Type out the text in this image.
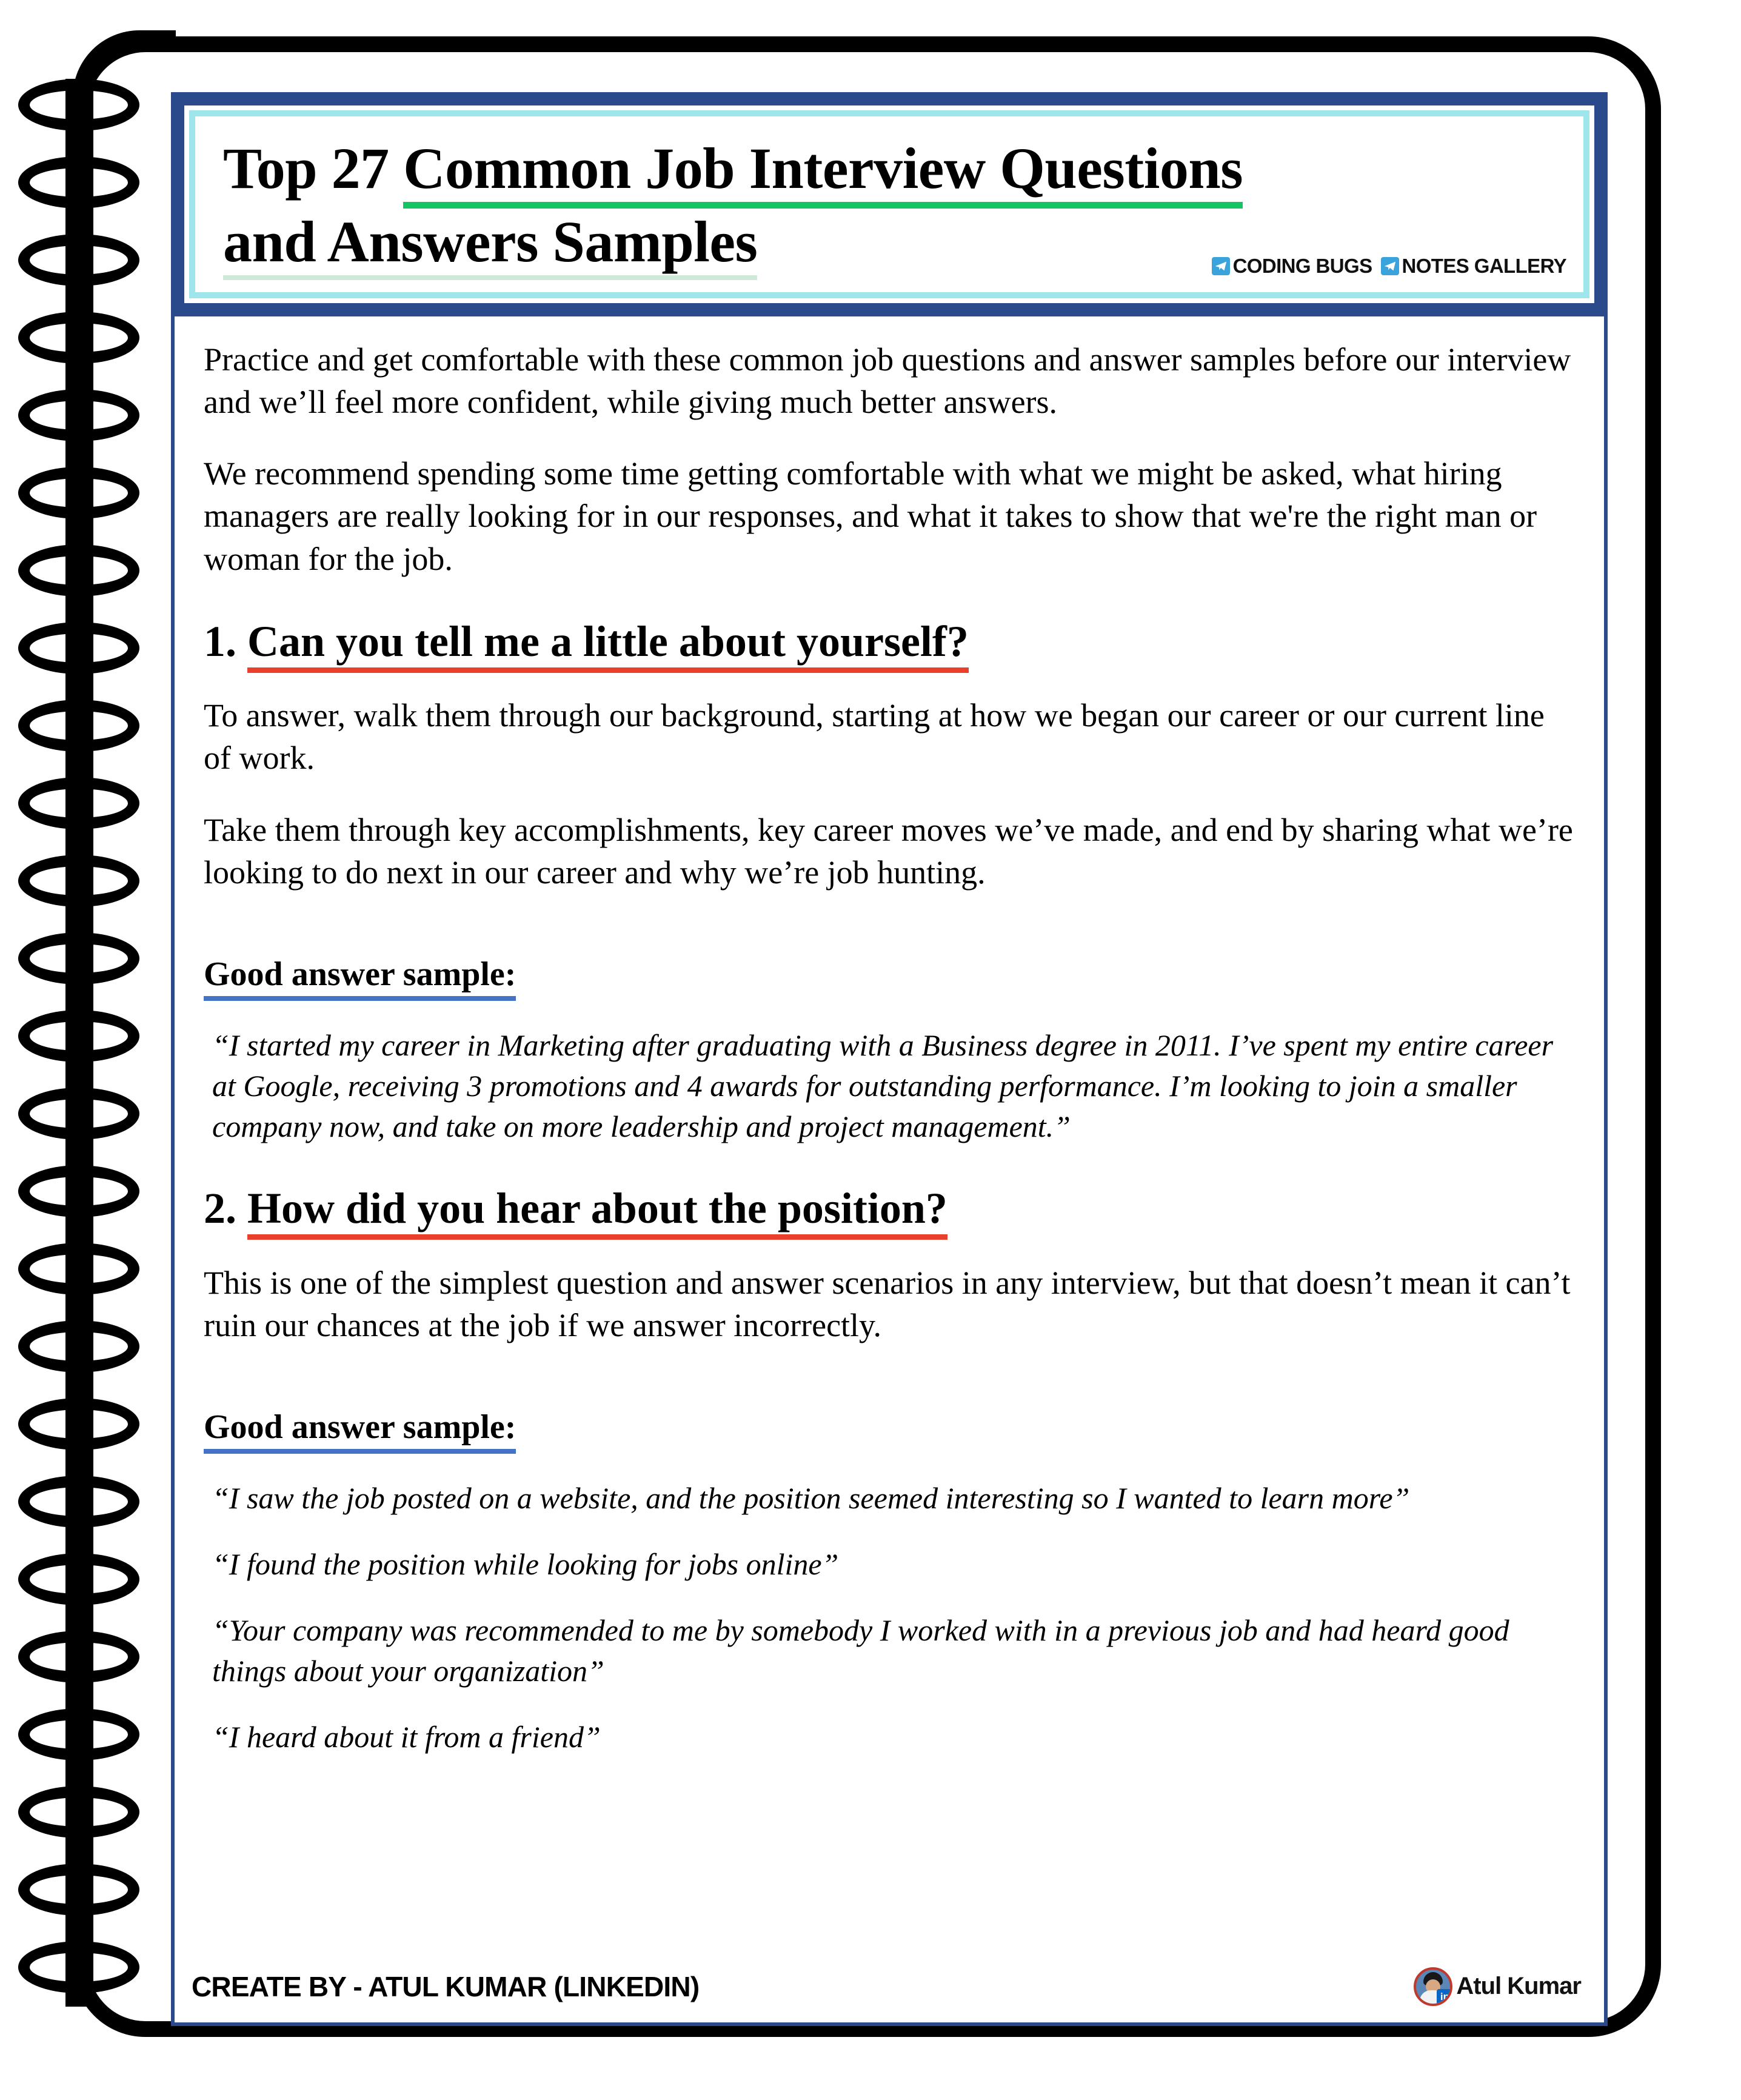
Top 27 Common Job Interview Questions
and Answers Samples	CODING BUGS NOTES GALLERY

Practice and get comfortable with these common job questions and answer samples before our interview and we’ll feel more confident, while giving much better answers.

We recommend spending some time getting comfortable with what we might be asked, what hiring managers are really looking for in our responses, and what it takes to show that we're the right man or woman for the job.

1. Can you tell me a little about yourself?

To answer, walk them through our background, starting at how we began our career or our current line of work.

Take them through key accomplishments, key career moves we’ve made, and end by sharing what we’re looking to do next in our career and why we’re job hunting.

Good answer sample:

“I started my career in Marketing after graduating with a Business degree in 2011. I’ve spent my entire career at Google, receiving 3 promotions and 4 awards for outstanding performance. I’m looking to join a smaller company now, and take on more leadership and project management.”

2. How did you hear about the position?

This is one of the simplest question and answer scenarios in any interview, but that doesn’t mean it can’t ruin our chances at the job if we answer incorrectly.

Good answer sample:

“I saw the job posted on a website, and the position seemed interesting so I wanted to learn more”

“I found the position while looking for jobs online”

“Your company was recommended to me by somebody I worked with in a previous job and had heard good things about your organization”

“I heard about it from a friend”

CREATE BY - ATUL KUMAR (LINKEDIN)	in Atul Kumar
